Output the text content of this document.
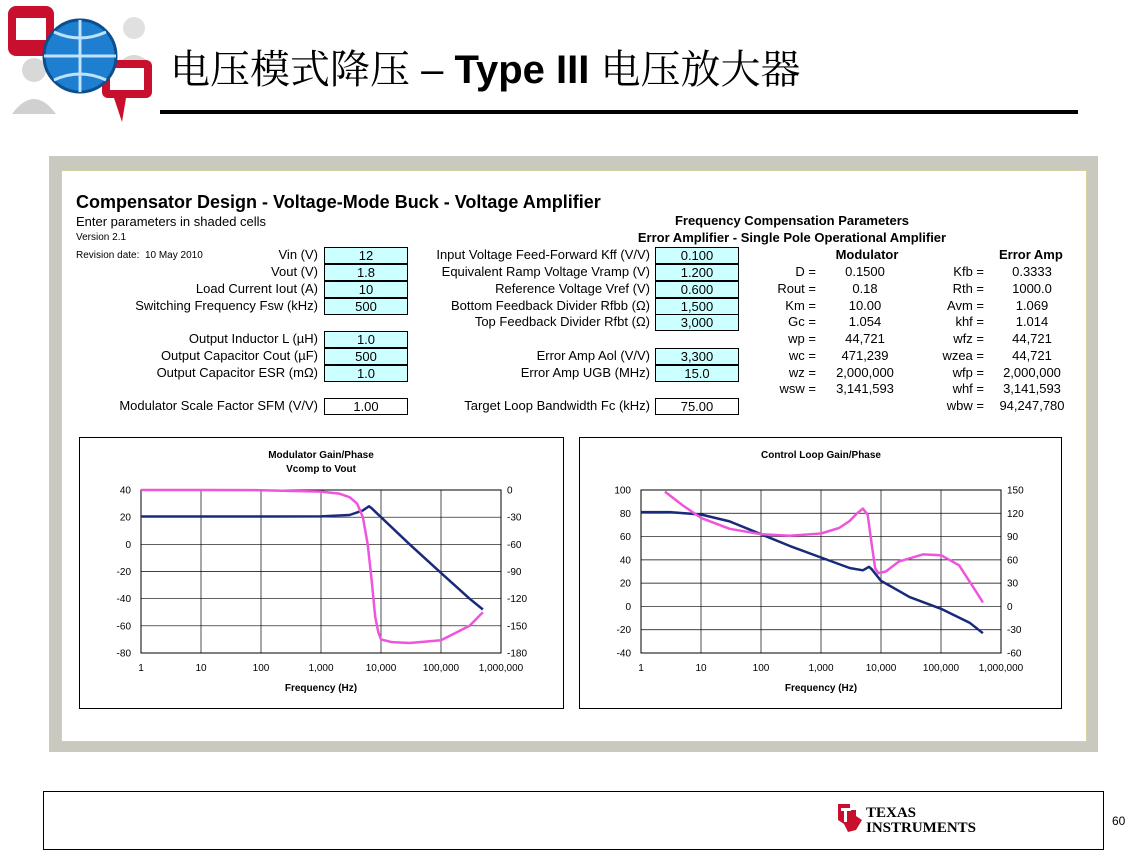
电压模式降压 – Type III 电压放大器
Compensator Design - Voltage-Mode Buck - Voltage Amplifier
Enter parameters in shaded cells
Version 2.1
Revision date: 10 May 2010
Frequency Compensation Parameters
Error Amplifier - Single Pole Operational Amplifier
Modulator	Error Amp
Vin (V)	12
Vout (V)	1.8
Load Current Iout (A)	10
Switching Frequency Fsw (kHz)	500
Output Inductor L (µH)	1.0
Output Capacitor Cout (µF)	500
Output Capacitor ESR (mΩ)	1.0
Modulator Scale Factor SFM (V/V)	1.00
Input Voltage Feed-Forward Kff (V/V)	0.100
Equivalent Ramp Voltage Vramp (V)	1.200
Reference Voltage Vref (V)	0.600
Bottom Feedback Divider Rfbb (Ω)	1,500
Top Feedback Divider Rfbt (Ω)	3,000
Error Amp Aol (V/V)	3,300
Error Amp UGB (MHz)	15.0
Target Loop Bandwidth Fc (kHz)	75.00
D =	0.1500
Rout =	0.18
Km =	10.00
Gc =	1.054
wp =	44,721
wc =	471,239
wz =	2,000,000
wsw =	3,141,593
Kfb =	0.3333
Rth =	1000.0
Avm =	1.069
khf =	1.014
wfz =	44,721
wzea =	44,721
wfp =	2,000,000
whf =	3,141,593
wbw =	94,247,780
Modulator Gain/Phase
Vcomp to Vout
40
20
0
-20
-40
-60
-80
0
-30
-60
-90
-120
-150
-180
1	10	100	1,000	10,000	100,000 1,000,000
Frequency (Hz)
Control Loop Gain/Phase
100
80
60
40
20
0
-20
-40
150
120
90
60
30
0
-30
-60
1	10	100	1,000	10,000	100,000 1,000,000
Frequency (Hz)
TEXAS
INSTRUMENTS	60
